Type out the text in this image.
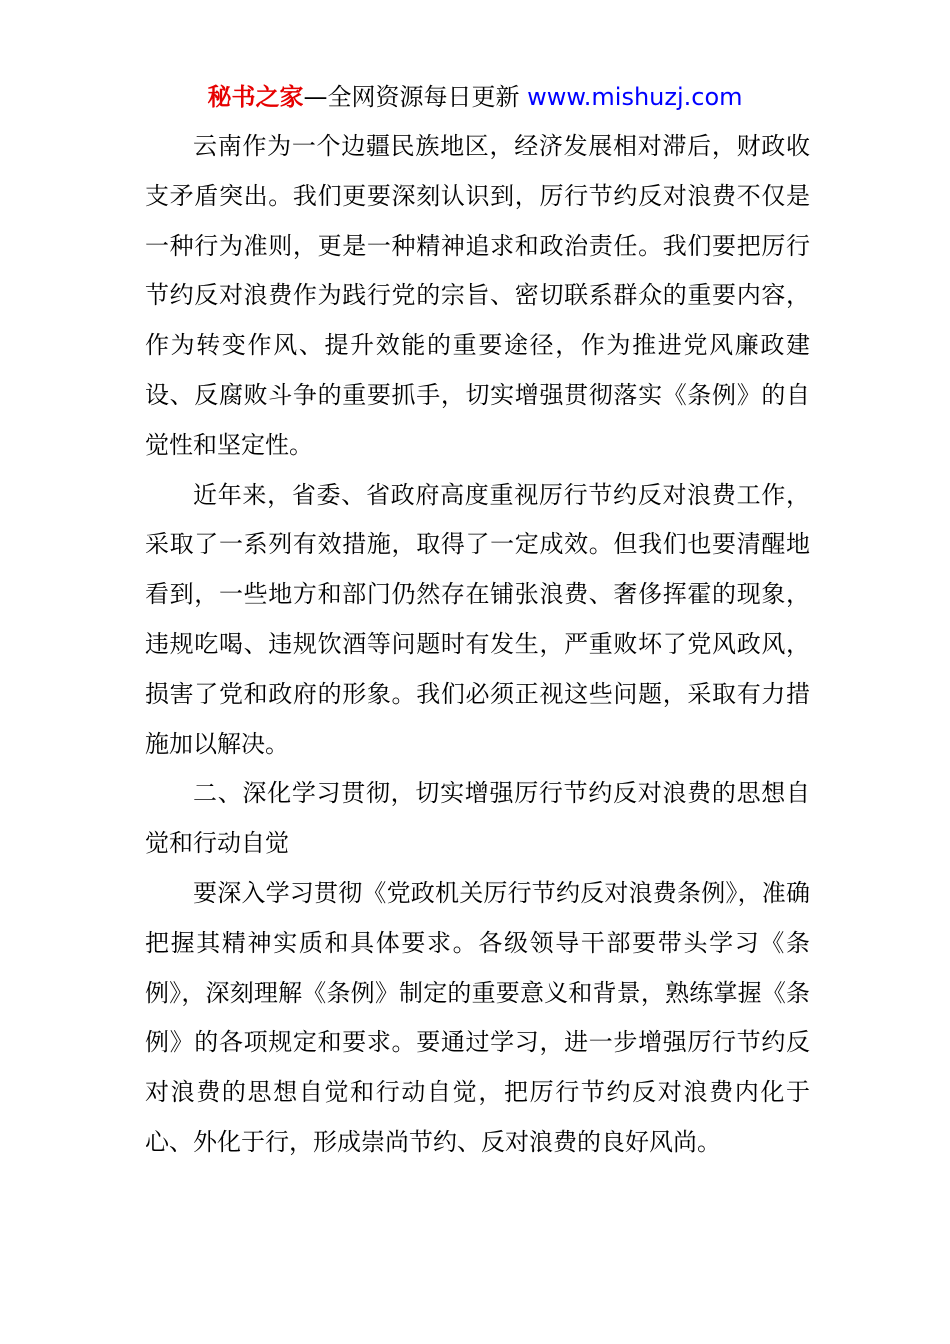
秘书之家—全网资源每日更新 www.mishuzj.com

云南作为一个边疆民族地区，经济发展相对滞后，财政收支矛盾突出。我们更要深刻认识到，厉行节约反对浪费不仅是一种行为准则，更是一种精神追求和政治责任。我们要把厉行节约反对浪费作为践行党的宗旨、密切联系群众的重要内容，作为转变作风、提升效能的重要途径，作为推进党风廉政建设、反腐败斗争的重要抓手，切实增强贯彻落实《条例》的自觉性和坚定性。

近年来，省委、省政府高度重视厉行节约反对浪费工作，采取了一系列有效措施，取得了一定成效。但我们也要清醒地看到，一些地方和部门仍然存在铺张浪费、奢侈挥霍的现象，违规吃喝、违规饮酒等问题时有发生，严重败坏了党风政风，损害了党和政府的形象。我们必须正视这些问题，采取有力措施加以解决。

二、深化学习贯彻，切实增强厉行节约反对浪费的思想自觉和行动自觉

要深入学习贯彻《党政机关厉行节约反对浪费条例》，准确把握其精神实质和具体要求。各级领导干部要带头学习《条例》，深刻理解《条例》制定的重要意义和背景，熟练掌握《条例》的各项规定和要求。要通过学习，进一步增强厉行节约反对浪费的思想自觉和行动自觉，把厉行节约反对浪费内化于心、外化于行，形成崇尚节约、反对浪费的良好风尚。
